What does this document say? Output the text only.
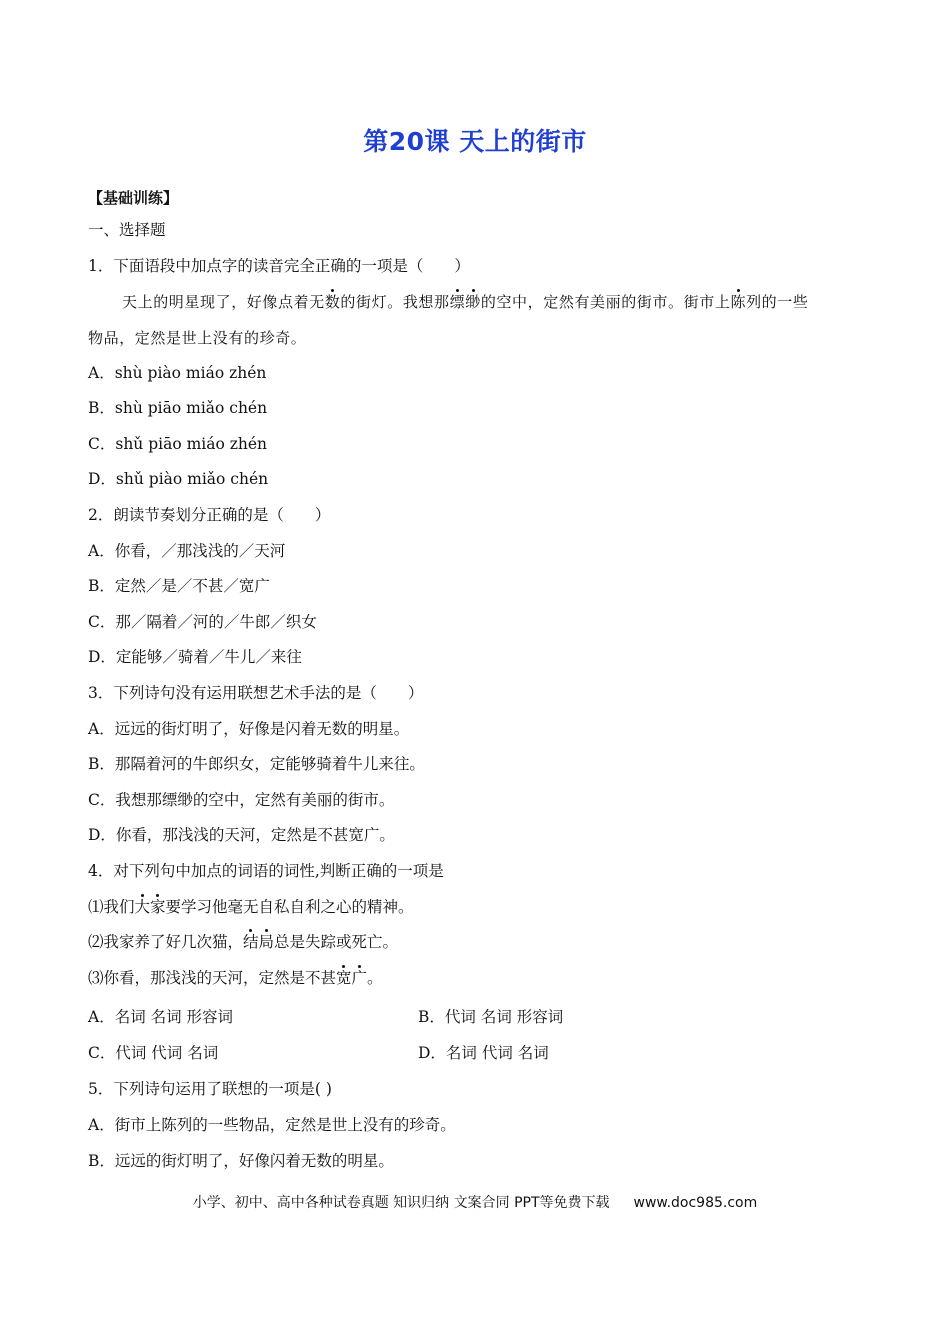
第20课 天上的街市
【基础训练】
一、选择题
1．下面语段中加点字的读音完全正确的一项是（　　）
天上的明星现了，好像点着无数的街灯。我想那缥缈的空中，定然有美丽的街市。街市上陈列的一些
物品，定然是世上没有的珍奇。
A．shù piào miáo zhén
B．shù piāo miǎo chén
C．shǔ piāo miáo zhén
D．shǔ piào miǎo chén
2．朗读节奏划分正确的是（　　）
A．你看，／那浅浅的／天河
B．定然／是／不甚／宽广
C．那／隔着／河的／牛郎／织女
D．定能够／骑着／牛儿／来往
3．下列诗句没有运用联想艺术手法的是（　　）
A．远远的街灯明了，好像是闪着无数的明星。
B．那隔着河的牛郎织女，定能够骑着牛儿来往。
C．我想那缥缈的空中，定然有美丽的街市。
D．你看，那浅浅的天河，定然是不甚宽广。
4．对下列句中加点的词语的词性,判断正确的一项是
⑴我们大家要学习他毫无自私自利之心的精神。
⑵我家养了好几次猫，结局总是失踪或死亡。
⑶你看，那浅浅的天河，定然是不甚宽广。
A．名词 名词 形容词	B．代词 名词 形容词
C．代词 代词 名词	D．名词 代词 名词
5．下列诗句运用了联想的一项是( )
A．街市上陈列的一些物品，定然是世上没有的珍奇。
B．远远的街灯明了，好像闪着无数的明星。
小学、初中、高中各种试卷真题 知识归纳 文案合同 PPT等免费下载 www.doc985.com
